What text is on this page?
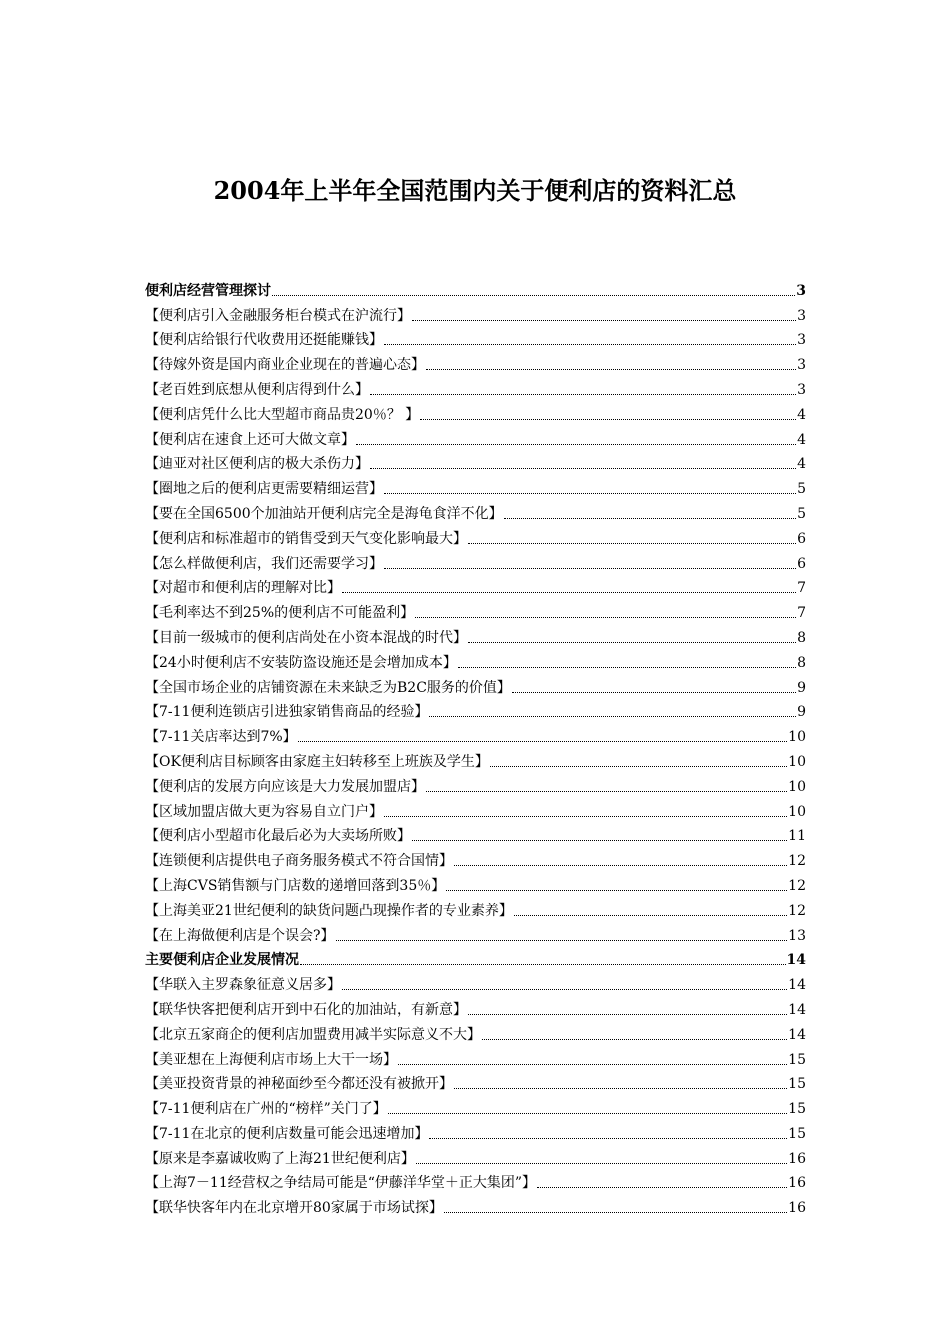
2004年上半年全国范围内关于便利店的资料汇总
便利店经营管理探讨	3
【便利店引入金融服务柜台模式在沪流行】	3
【便利店给银行代收费用还挺能赚钱】	3
【待嫁外资是国内商业企业现在的普遍心态】	3
【老百姓到底想从便利店得到什么】	3
【便利店凭什么比大型超市商品贵20％？ 】	4
【便利店在速食上还可大做文章】	4
【迪亚对社区便利店的极大杀伤力】	4
【圈地之后的便利店更需要精细运营】	5
【要在全国6500个加油站开便利店完全是海龟食洋不化】	5
【便利店和标准超市的销售受到天气变化影响最大】	6
【怎么样做便利店，我们还需要学习】	6
【对超市和便利店的理解对比】	7
【毛利率达不到25%的便利店不可能盈利】	7
【目前一级城市的便利店尚处在小资本混战的时代】	8
【24小时便利店不安装防盗设施还是会增加成本】	8
【全国市场企业的店铺资源在未来缺乏为B2C服务的价值】	9
【7-11便利连锁店引进独家销售商品的经验】	9
【7-11关店率达到7%】	10
【OK便利店目标顾客由家庭主妇转移至上班族及学生】	10
【便利店的发展方向应该是大力发展加盟店】	10
【区域加盟店做大更为容易自立门户】	10
【便利店小型超市化最后必为大卖场所败】	11
【连锁便利店提供电子商务服务模式不符合国情】	12
【上海CVS销售额与门店数的递增回落到35％】	12
【上海美亚21世纪便利的缺货问题凸现操作者的专业素养】	12
【在上海做便利店是个误会?】	13
主要便利店企业发展情况	14
【华联入主罗森象征意义居多】	14
【联华快客把便利店开到中石化的加油站，有新意】	14
【北京五家商企的便利店加盟费用减半实际意义不大】	14
【美亚想在上海便利店市场上大干一场】	15
【美亚投资背景的神秘面纱至今都还没有被掀开】	15
【7-11便利店在广州的“榜样”关门了】	15
【7-11在北京的便利店数量可能会迅速增加】	15
【原来是李嘉诚收购了上海21世纪便利店】	16
【上海7－11经营权之争结局可能是“伊藤洋华堂＋正大集团”】	16
【联华快客年内在北京增开80家属于市场试探】	16
